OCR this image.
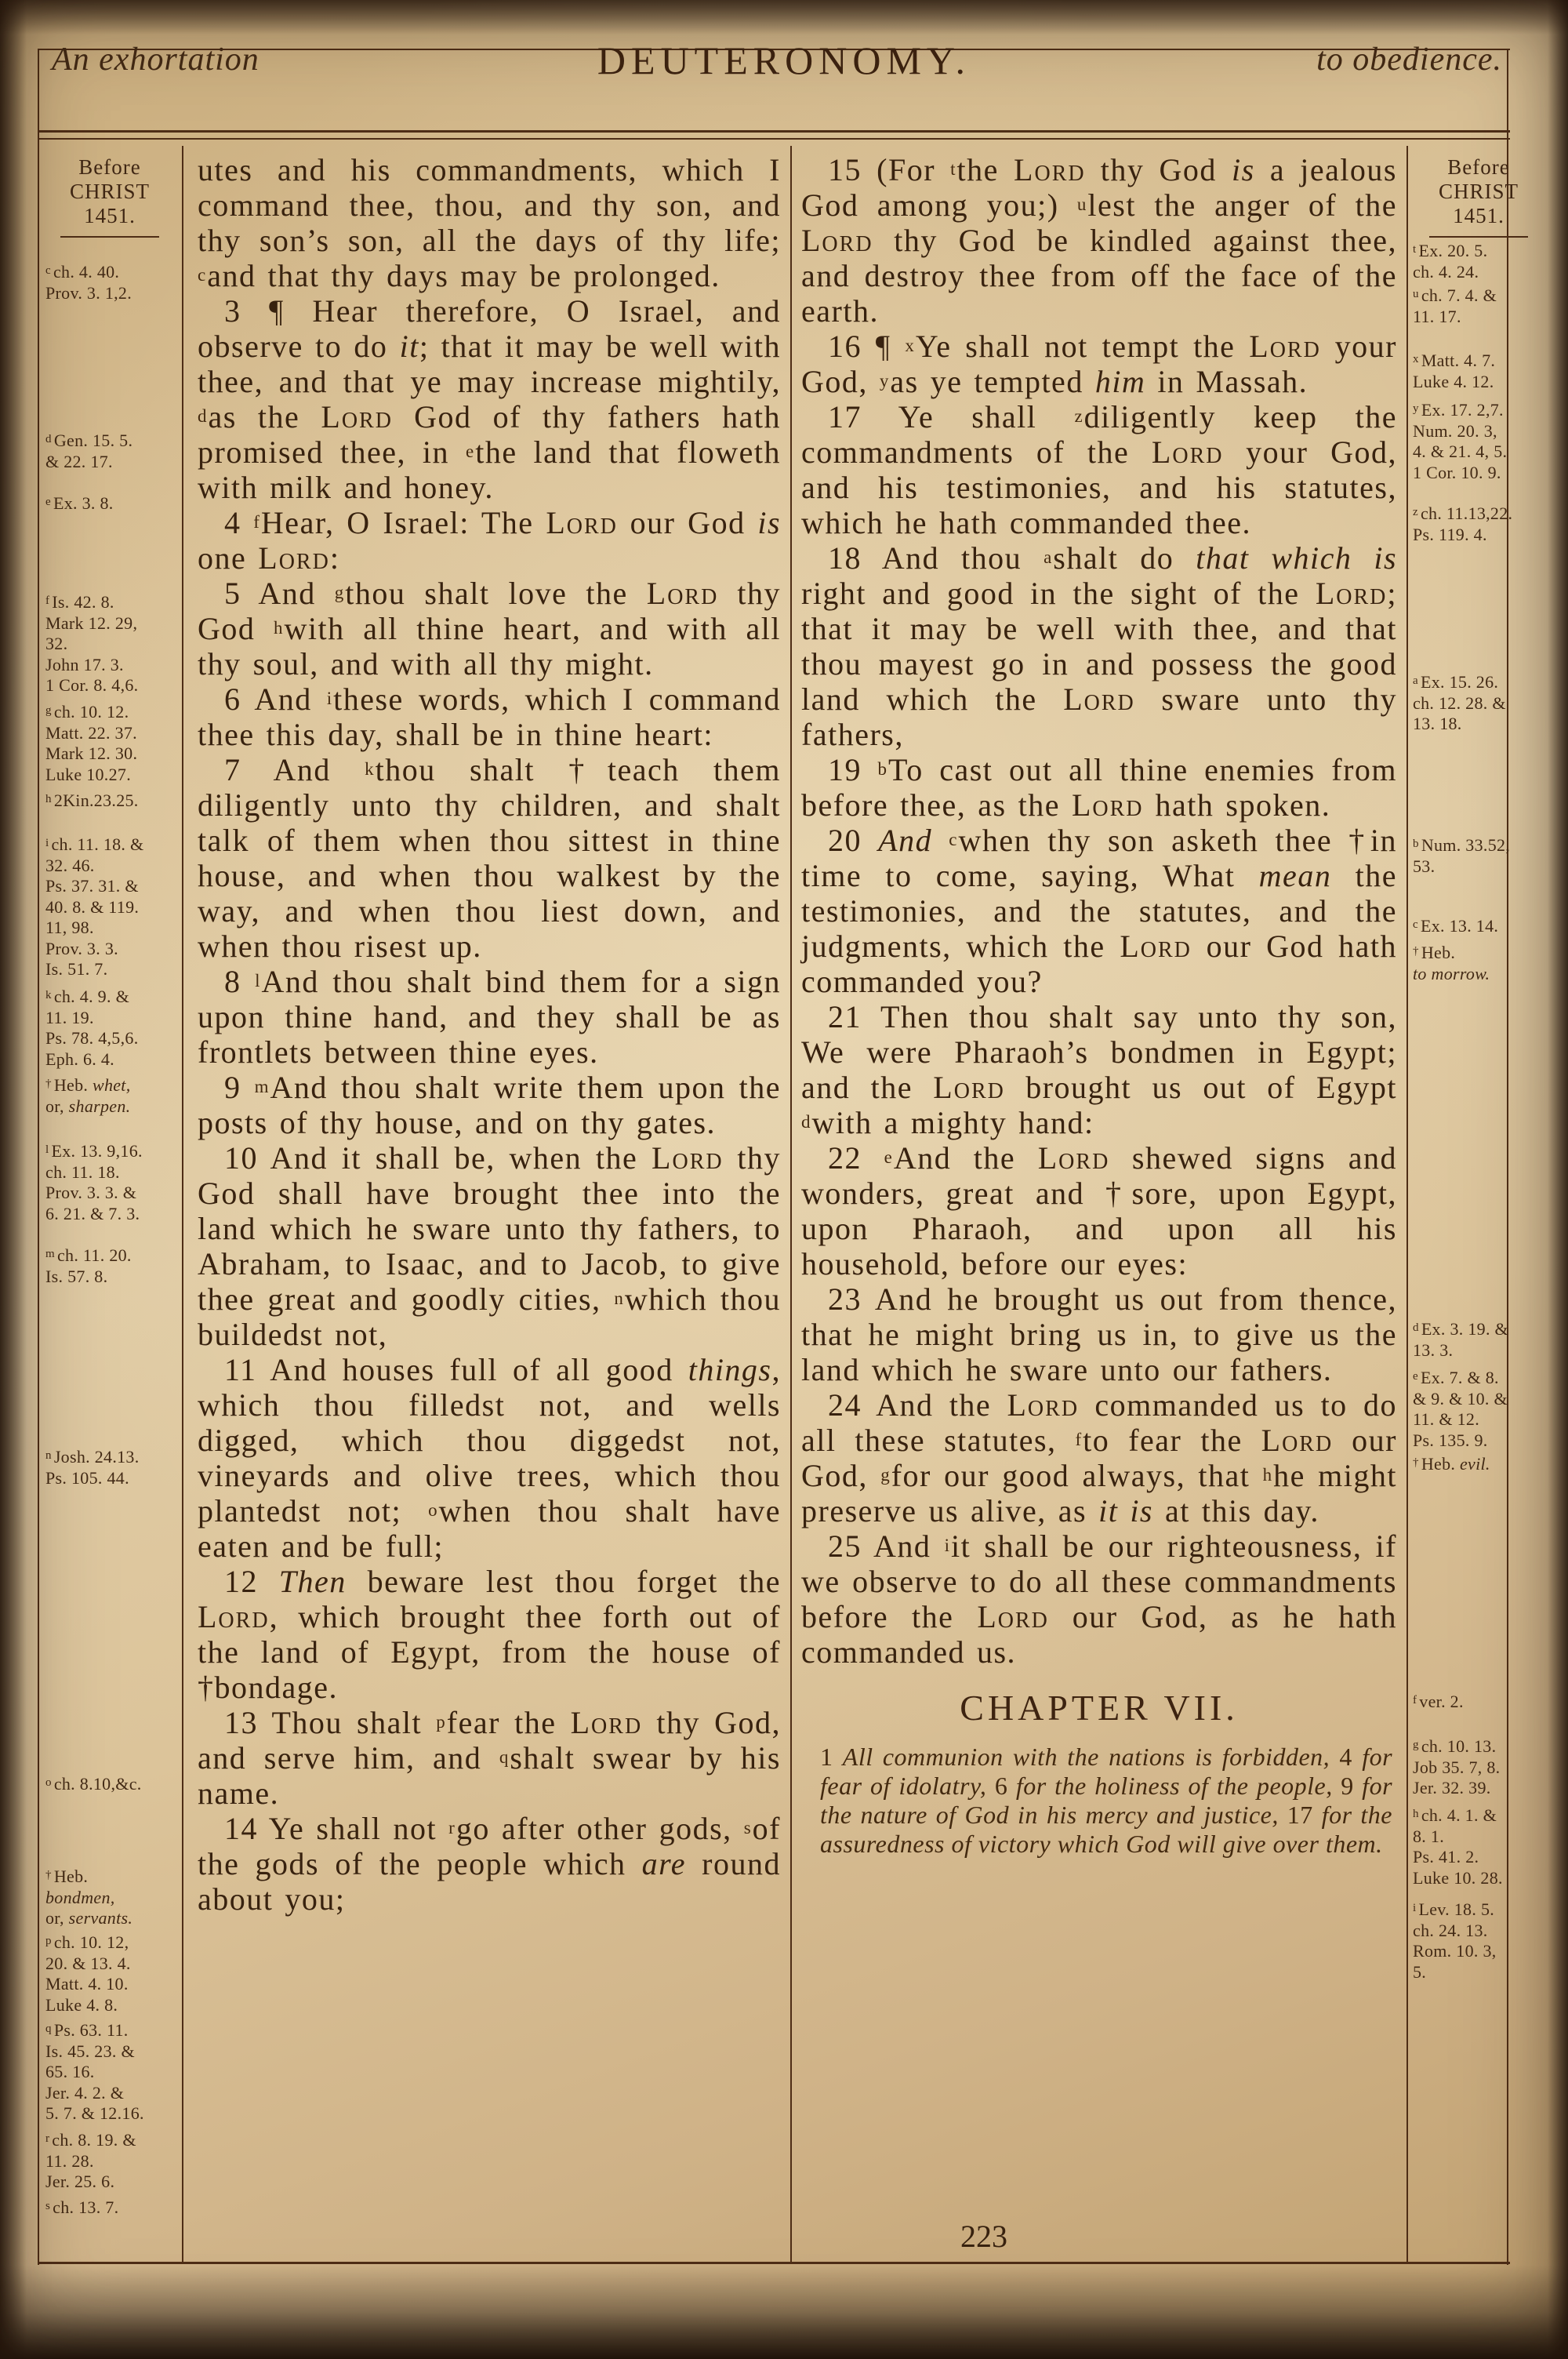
An exhortation	DEUTERONOMY.	to obedience.
Before
CHRIST
1451.
Before
CHRIST
1451.
$^c$ ch. 4. 40.
Prov. 3. 1,2.
$^d$ Gen. 15. 5.
& 22. 17.
$^e$ Ex. 3. 8.
$^f$ Is. 42. 8.
Mark 12. 29,
32.
John 17. 3.
1 Cor. 8. 4,6.
$^g$ ch. 10. 12.
Matt. 22. 37.
Mark 12. 30.
Luke 10.27.
$^h$ 2Kin.23.25.
$^i$ ch. 11. 18. &
32. 46.
Ps. 37. 31. &
40. 8. & 119.
11, 98.
Prov. 3. 3.
Is. 51. 7.
$^k$ ch. 4. 9. &
11. 19.
Ps. 78. 4,5,6.
Eph. 6. 4.
† Heb. whet,
or, sharpen.
$^l$ Ex. 13. 9,16.
ch. 11. 18.
Prov. 3. 3. &
6. 21. & 7. 3.
$^m$ ch. 11. 20.
Is. 57. 8.
$^n$ Josh. 24.13.
Ps. 105. 44.
$^o$ ch. 8.10,&c.
† Heb.
bondmen,
or, servants.
$^p$ ch. 10. 12,
20. & 13. 4.
Matt. 4. 10.
Luke 4. 8.
$^q$ Ps. 63. 11.
Is. 45. 23. &
65. 16.
Jer. 4. 2. &
5. 7. & 12.16.
$^r$ ch. 8. 19. &
11. 28.
Jer. 25. 6.
$^s$ ch. 13. 7.
$^t$ Ex. 20. 5.
ch. 4. 24.
$^u$ ch. 7. 4. &
11. 17.
$^x$ Matt. 4. 7.
Luke 4. 12.
$^y$ Ex. 17. 2,7.
Num. 20. 3,
4. & 21. 4, 5.
1 Cor. 10. 9.
$^z$ ch. 11.13,22.
Ps. 119. 4.
$^a$ Ex. 15. 26.
ch. 12. 28. &
13. 18.
$^b$ Num. 33.52,
53.
$^c$ Ex. 13. 14.
† Heb.
to morrow.
$^d$ Ex. 3. 19. &
13. 3.
$^e$ Ex. 7. & 8.
& 9. & 10. &
11. & 12.
Ps. 135. 9.
† Heb. evil.
$^f$ ver. 2.
$^g$ ch. 10. 13.
Job 35. 7, 8.
Jer. 32. 39.
$^h$ ch. 4. 1. &
8. 1.
Ps. 41. 2.
Luke 10. 28.
$^i$ Lev. 18. 5.
ch. 24. 13.
Rom. 10. 3,
5.

utes and his commandments, which I command thee, thou, and thy son, and thy son’s son, all the days of thy life; $^c$and that thy days may be prolonged.

3 ¶ Hear therefore, O Israel, and observe to do it; that it may be well with thee, and that ye may increase mightily, $^d$as the Lord God of thy fathers hath promised thee, in $^e$the land that floweth with milk and honey.

4 $^f$Hear, O Israel: The Lord our God is one Lord:

5 And $^g$thou shalt love the Lord thy God $^h$with all thine heart, and with all thy soul, and with all thy might.

6 And $^i$these words, which I command thee this day, shall be in thine heart:

7 And $^k$thou shalt †teach them diligently unto thy children, and shalt talk of them when thou sittest in thine house, and when thou walkest by the way, and when thou liest down, and when thou risest up.

8 $^l$And thou shalt bind them for a sign upon thine hand, and they shall be as frontlets between thine eyes.

9 $^m$And thou shalt write them upon the posts of thy house, and on thy gates.

10 And it shall be, when the Lord thy God shall have brought thee into the land which he sware unto thy fathers, to Abraham, to Isaac, and to Jacob, to give thee great and goodly cities, $^n$which thou buildedst not,

11 And houses full of all good things, which thou filledst not, and wells digged, which thou diggedst not, vineyards and olive trees, which thou plantedst not; $^o$when thou shalt have eaten and be full;

12 Then beware lest thou forget the Lord, which brought thee forth out of the land of Egypt, from the house of †bondage.

13 Thou shalt $^p$fear the Lord thy God, and serve him, and $^q$shalt swear by his name.

14 Ye shall not $^r$go after other gods, $^s$of the gods of the people which are round about you;

15 (For $^t$the Lord thy God is a jealous God among you;) $^u$lest the anger of the Lord thy God be kindled against thee, and destroy thee from off the face of the earth.

16 ¶ $^x$Ye shall not tempt the Lord your God, $^y$as ye tempted him in Massah.

17 Ye shall $^z$diligently keep the commandments of the Lord your God, and his testimonies, and his statutes, which he hath commanded thee.

18 And thou $^a$shalt do that which is right and good in the sight of the Lord; that it may be well with thee, and that thou mayest go in and possess the good land which the Lord sware unto thy fathers,

19 $^b$To cast out all thine enemies from before thee, as the Lord hath spoken.

20 And $^c$when thy son asketh thee †in time to come, saying, What mean the testimonies, and the statutes, and the judgments, which the Lord our God hath commanded you?

21 Then thou shalt say unto thy son, We were Pharaoh’s bondmen in Egypt; and the Lord brought us out of Egypt $^d$with a mighty hand:

22 $^e$And the Lord shewed signs and wonders, great and †sore, upon Egypt, upon Pharaoh, and upon all his household, before our eyes:

23 And he brought us out from thence, that he might bring us in, to give us the land which he sware unto our fathers.

24 And the Lord commanded us to do all these statutes, $^f$to fear the Lord our God, $^g$for our good always, that $^h$he might preserve us alive, as it is at this day.

25 And $^i$it shall be our righteousness, if we observe to do all these commandments before the Lord our God, as he hath commanded us.

CHAPTER VII.

1 All communion with the nations is forbidden, 4 for fear of idolatry, 6 for the holiness of the people, 9 for the nature of God in his mercy and justice, 17 for the assuredness of victory which God will give over them.

223
